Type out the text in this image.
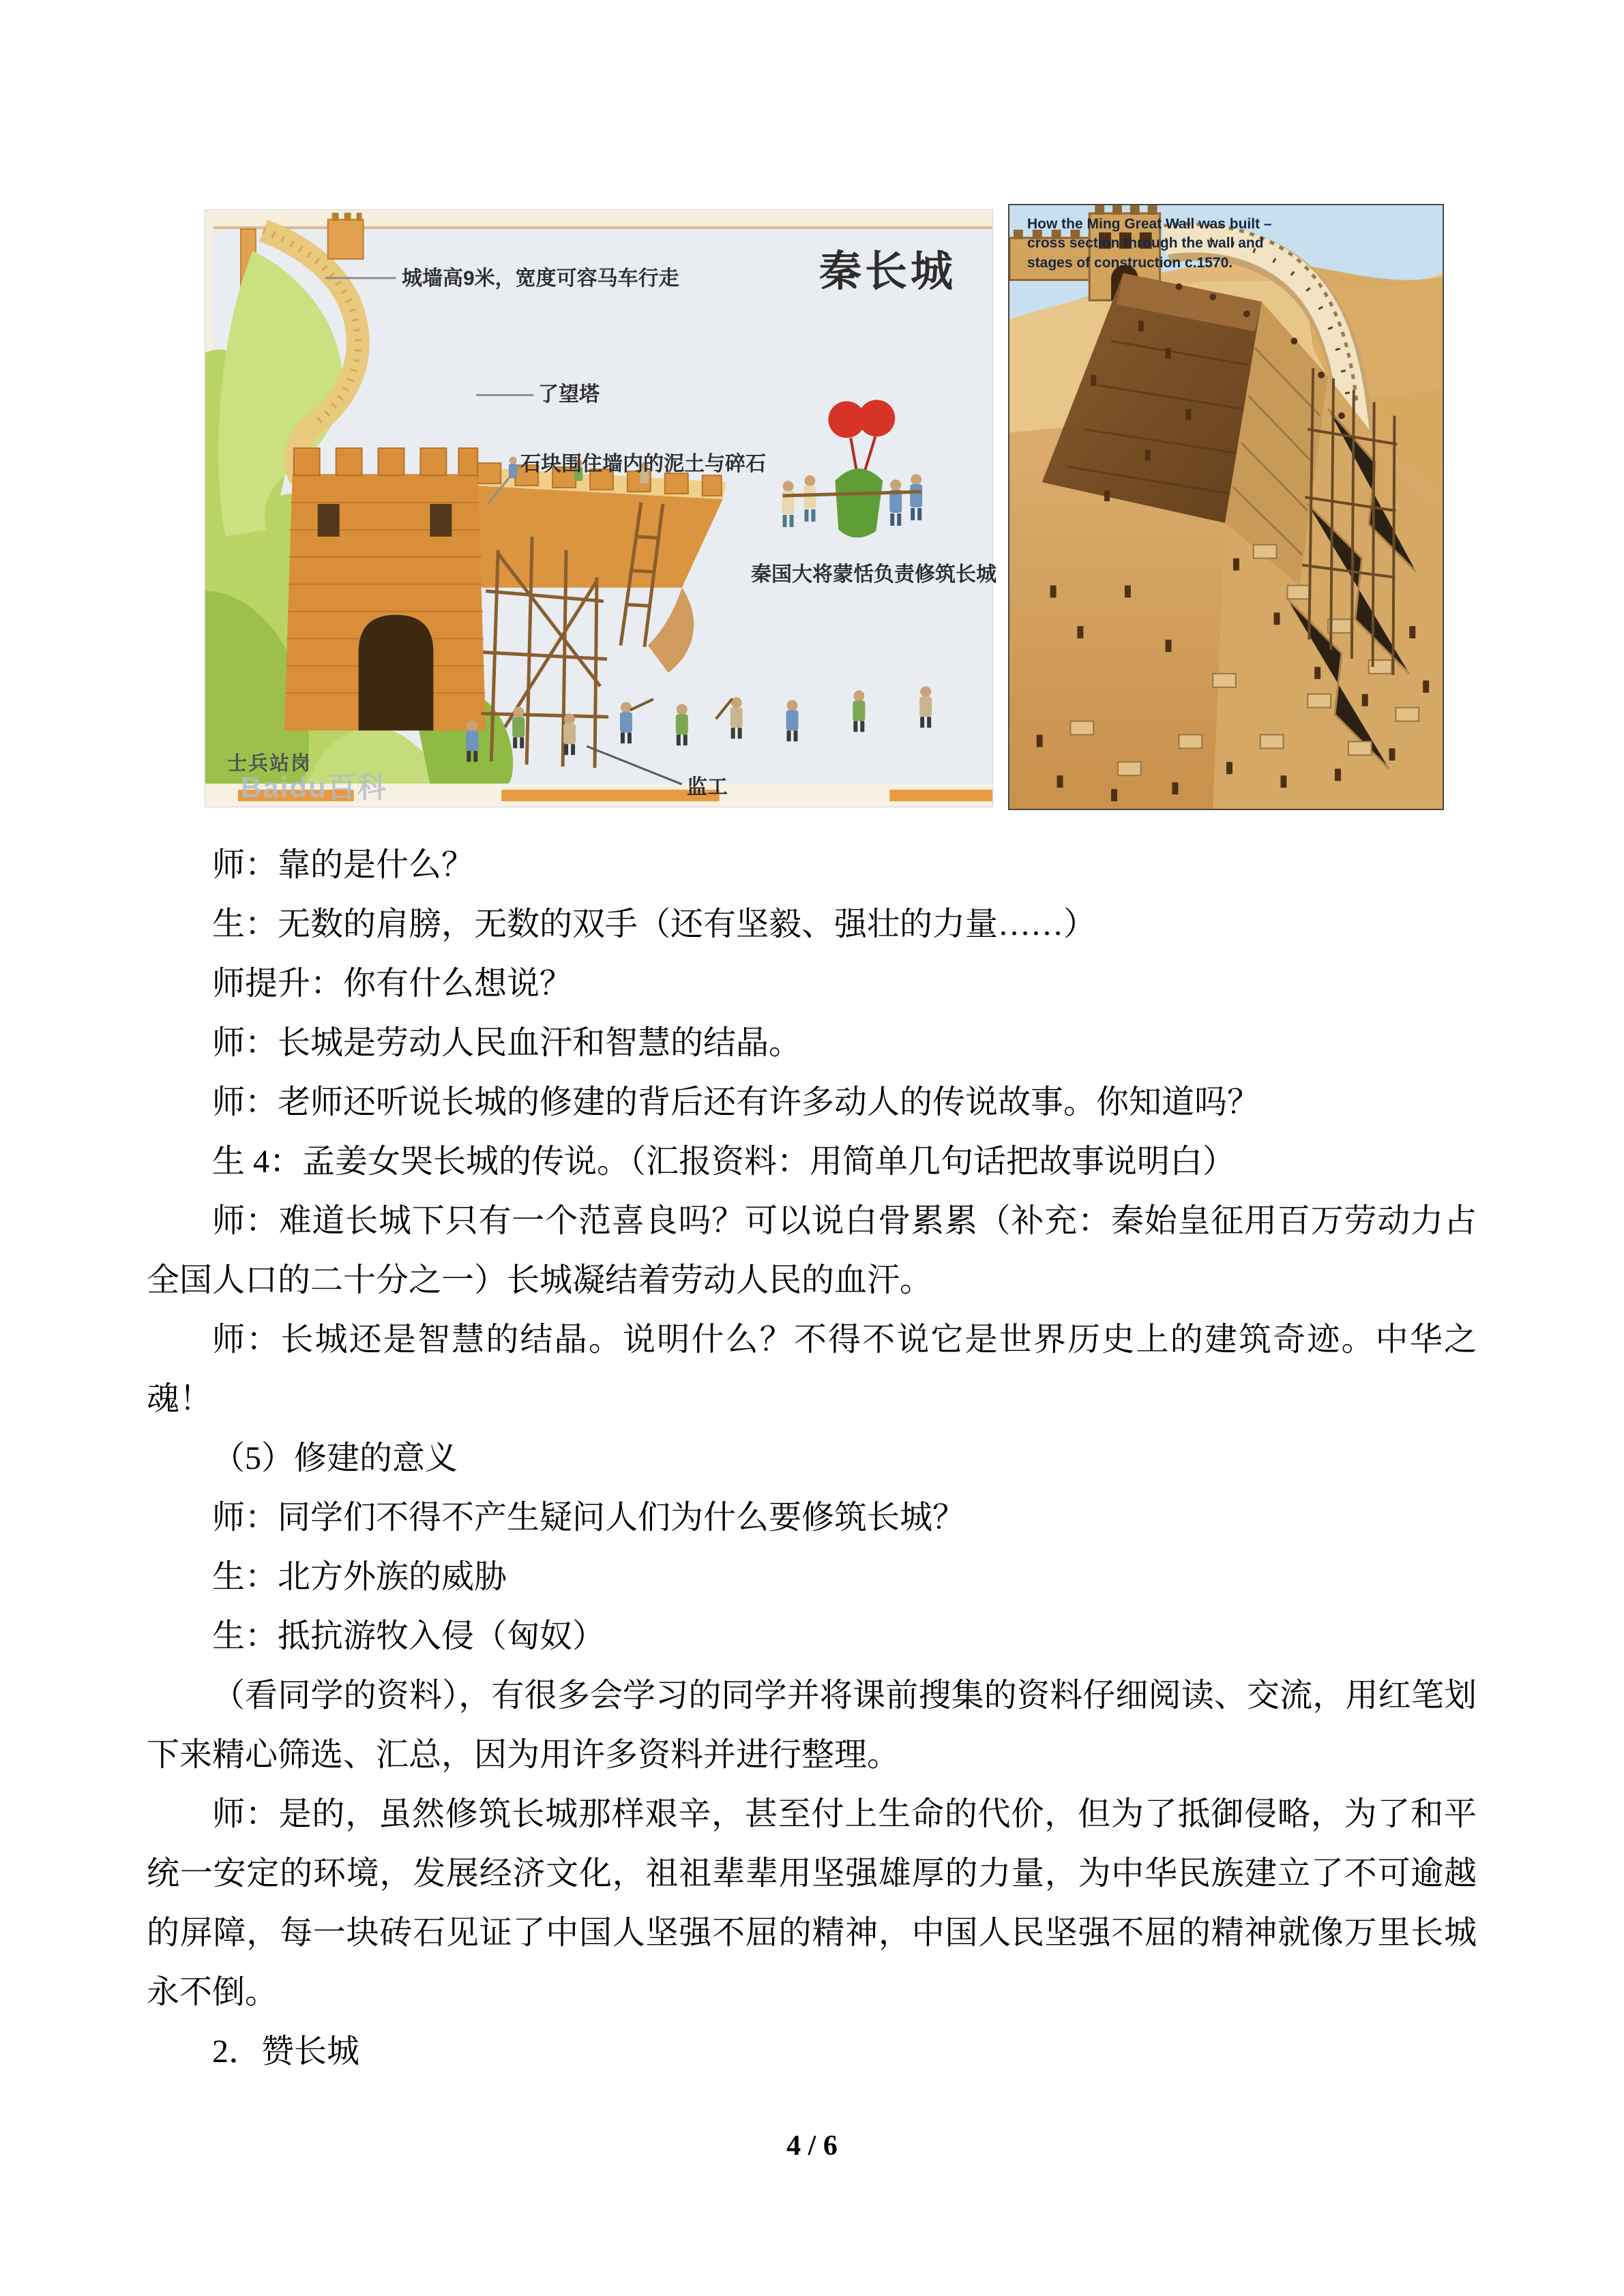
秦长城
城墙高9米，宽度可容马车行走
了望塔
石块围住墙内的泥土与碎石
秦国大将蒙恬负责修筑长城
士兵站岗
Baidu百科	监工
How the Ming Great Wall was built – cross section through the wall and stages of construction c.1570.

师：靠的是什么？

生：无数的肩膀，无数的双手（还有坚毅、强壮的力量……）

师提升：你有什么想说？

师：长城是劳动人民血汗和智慧的结晶。

师：老师还听说长城的修建的背后还有许多动人的传说故事。你知道吗？

生 4：孟姜女哭长城的传说。（汇报资料：用简单几句话把故事说明白）

师：难道长城下只有一个范喜良吗？可以说白骨累累（补充：秦始皇征用百万劳动力占全国人口的二十分之一）长城凝结着劳动人民的血汗。

师：长城还是智慧的结晶。说明什么？不得不说它是世界历史上的建筑奇迹。中华之魂！

（5）修建的意义

师：同学们不得不产生疑问人们为什么要修筑长城？

生：北方外族的威胁

生：抵抗游牧入侵（匈奴）

（看同学的资料），有很多会学习的同学并将课前搜集的资料仔细阅读、交流，用红笔划下来精心筛选、汇总，因为用许多资料并进行整理。

师：是的，虽然修筑长城那样艰辛，甚至付上生命的代价，但为了抵御侵略，为了和平统一安定的环境，发展经济文化，祖祖辈辈用坚强雄厚的力量，为中华民族建立了不可逾越的屏障，每一块砖石见证了中国人坚强不屈的精神，中国人民坚强不屈的精神就像万里长城永不倒。

2．赞长城

4 / 6
